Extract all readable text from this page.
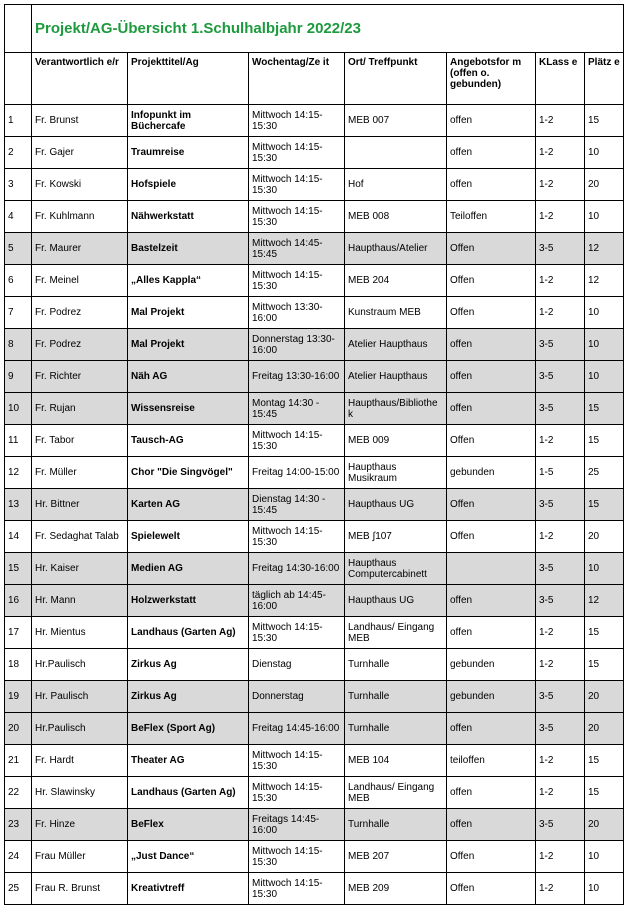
	Projekt/AG-Übersicht 1.Schulhalbjahr 2022/23						
	Verantwortlich e/r	Projekttitel/Ag	Wochentag/Ze it	Ort/ Treffpunkt	Angebotsfor m (offen o. gebunden)	KLass e	Plätz e
1	Fr. Brunst	Infopunkt im Büchercafe	Mittwoch 14:15-15:30	MEB 007	offen	1-2	15
2	Fr. Gajer	Traumreise	Mittwoch 14:15-15:30		offen	1-2	10
3	Fr. Kowski	Hofspiele	Mittwoch 14:15-15:30	Hof	offen	1-2	20
4	Fr. Kuhlmann	Nähwerkstatt	Mittwoch 14:15-15:30	MEB 008	Teiloffen	1-2	10
5	Fr. Maurer	Bastelzeit	Mittwoch 14:45-15:45	Haupthaus/Atelier	Offen	3-5	12
6	Fr. Meinel	„Alles Kappla“	Mittwoch 14:15-15:30	MEB 204	Offen	1-2	12
7	Fr. Podrez	Mal Projekt	Mittwoch 13:30-16:00	Kunstraum MEB	Offen	1-2	10
8	Fr. Podrez	Mal Projekt	Donnerstag 13:30-16:00	Atelier Haupthaus	offen	3-5	10
9	Fr. Richter	Näh AG	Freitag 13:30-16:00	Atelier Haupthaus	offen	3-5	10
10	Fr. Rujan	Wissensreise	Montag 14:30 - 15:45	Haupthaus/Bibliothe k	offen	3-5	15
11	Fr. Tabor	Tausch-AG	Mittwoch 14:15-15:30	MEB 009	Offen	1-2	15
12	Fr. Müller	Chor "Die Singvögel"	Freitag 14:00-15:00	Haupthaus Musikraum	gebunden	1-5	25
13	Hr. Bittner	Karten AG	Dienstag 14:30 - 15:45	Haupthaus UG	Offen	3-5	15
14	Fr. Sedaghat Talab	Spielewelt	Mittwoch 14:15-15:30	MEB ∫107	Offen	1-2	20
15	Hr. Kaiser	Medien AG	Freitag 14:30-16:00	Haupthaus Computercabinett		3-5	10
16	Hr. Mann	Holzwerkstatt	täglich ab 14:45-16:00	Haupthaus UG	offen	3-5	12
17	Hr. Mientus	Landhaus (Garten Ag)	Mittwoch 14:15-15:30	Landhaus/ Eingang MEB	offen	1-2	15
18	Hr.Paulisch	Zirkus Ag	Dienstag	Turnhalle	gebunden	1-2	15
19	Hr. Paulisch	Zirkus Ag	Donnerstag	Turnhalle	gebunden	3-5	20
20	Hr.Paulisch	BeFlex (Sport Ag)	Freitag 14:45-16:00	Turnhalle	offen	3-5	20
21	Fr. Hardt	Theater AG	Mittwoch 14:15-15:30	MEB 104	teiloffen	1-2	15
22	Hr. Slawinsky	Landhaus (Garten Ag)	Mittwoch 14:15-15:30	Landhaus/ Eingang MEB	offen	1-2	15
23	Fr. Hinze	BeFlex	Freitags 14:45-16:00	Turnhalle	offen	3-5	20
24	Frau Müller	„Just Dance“	Mittwoch 14:15-15:30	MEB 207	Offen	1-2	10
25	Frau R. Brunst	Kreativtreff	Mittwoch 14:15-15:30	MEB 209	Offen	1-2	10
